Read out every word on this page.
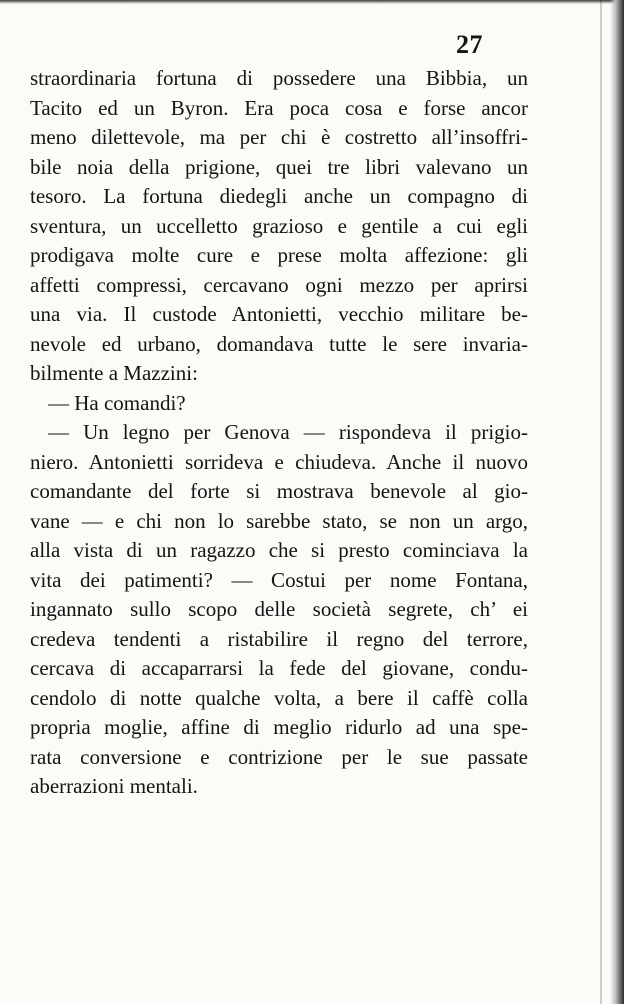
27
straordinaria fortuna di possedere una Bibbia, un
Tacito ed un Byron. Era poca cosa e forse ancor
meno dilettevole, ma per chi è costretto all’insoffri-
bile noia della prigione, quei tre libri valevano un
tesoro. La fortuna diedegli anche un compagno di
sventura, un uccelletto grazioso e gentile a cui egli
prodigava molte cure e prese molta affezione: gli
affetti compressi, cercavano ogni mezzo per aprirsi
una via. Il custode Antonietti, vecchio militare be-
nevole ed urbano, domandava tutte le sere invaria-
bilmente a Mazzini:
— Ha comandi?
— Un legno per Genova — rispondeva il prigio-
niero. Antonietti sorrideva e chiudeva. Anche il nuovo
comandante del forte si mostrava benevole al gio-
vane — e chi non lo sarebbe stato, se non un argo,
alla vista di un ragazzo che si presto cominciava la
vita dei patimenti? — Costui per nome Fontana,
ingannato sullo scopo delle società segrete, ch’ ei
credeva tendenti a ristabilire il regno del terrore,
cercava di accaparrarsi la fede del giovane, condu-
cendolo di notte qualche volta, a bere il caffè colla
propria moglie, affine di meglio ridurlo ad una spe-
rata conversione e contrizione per le sue passate
aberrazioni mentali.
